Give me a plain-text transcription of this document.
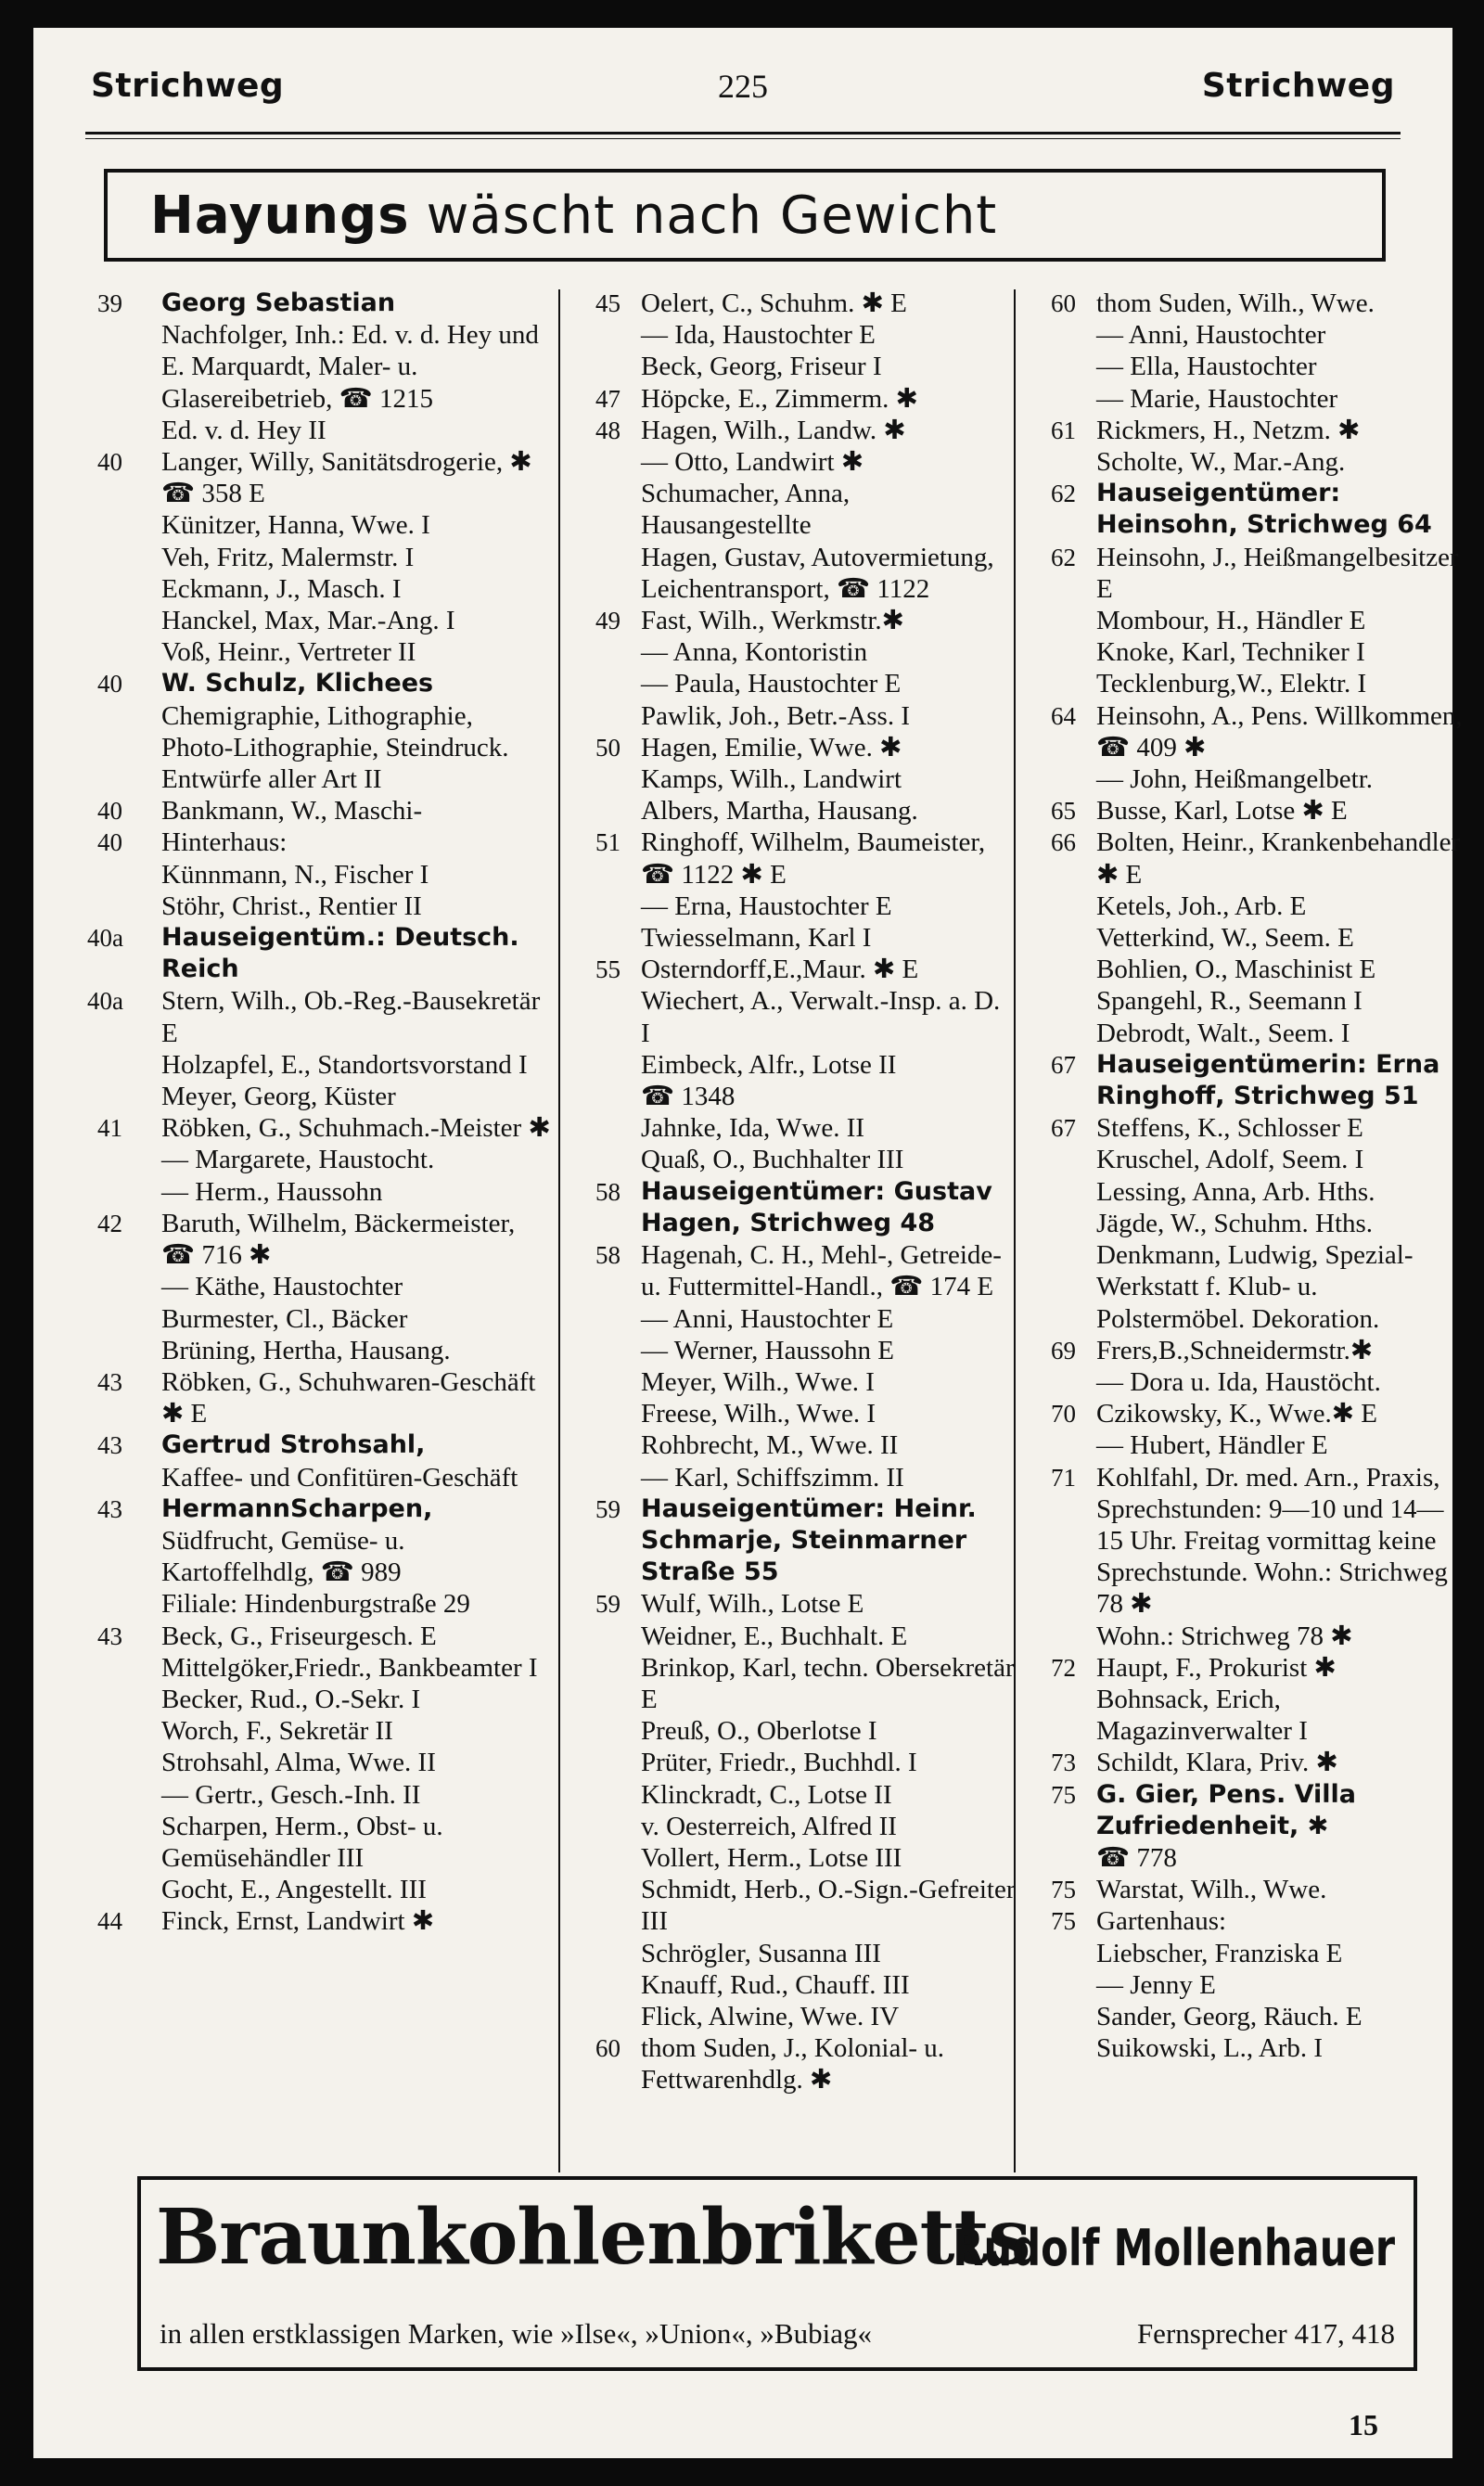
Strichweg	225	Strichweg
Hayungs wäscht nach Gewicht
39	Georg Sebastian
Nachfolger, Inh.: Ed. v. d. Hey und E. Marquardt, Maler- u. Glasereibetrieb, ☎ 1215
Ed. v. d. Hey II
40	Langer, Willy, Sanitätsdrogerie, ✱ ☎ 358 E
Künitzer, Hanna, Wwe. I
Veh, Fritz, Malermstr. I
Eckmann, J., Masch. I
Hanckel, Max, Mar.-Ang. I
Voß, Heinr., Vertreter II
40	W. Schulz, Klichees
Chemigraphie, Lithographie, Photo-Lithographie, Steindruck. Entwürfe aller Art II
40	Bankmann, W., Maschi-
40	Hinterhaus:
Künnmann, N., Fischer I
Stöhr, Christ., Rentier II
40a	Hauseigentüm.: Deutsch. Reich
40a	Stern, Wilh., Ob.-Reg.-Bausekretär E
Holzapfel, E., Standortsvorstand I
Meyer, Georg, Küster
41	Röbken, G., Schuhmach.-Meister ✱
— Margarete, Haustocht.
— Herm., Haussohn
42	Baruth, Wilhelm, Bäckermeister, ☎ 716 ✱
— Käthe, Haustochter
Burmester, Cl., Bäcker
Brüning, Hertha, Hausang.
43	Röbken, G., Schuhwaren-Geschäft ✱ E
43	Gertrud Strohsahl,
Kaffee- und Confitüren-Geschäft
43	HermannScharpen,
Südfrucht, Gemüse- u. Kartoffelhdlg, ☎ 989
Filiale: Hindenburgstraße 29
43	Beck, G., Friseurgesch. E
Mittelgöker,Friedr., Bankbeamter I
Becker, Rud., O.-Sekr. I
Worch, F., Sekretär II
Strohsahl, Alma, Wwe. II
— Gertr., Gesch.-Inh. II
Scharpen, Herm., Obst- u. Gemüsehändler III
Gocht, E., Angestellt. III
44	Finck, Ernst, Landwirt ✱
45 Oelert, C., Schuhm. ✱ E
— Ida, Haustochter E
Beck, Georg, Friseur I
47 Höpcke, E., Zimmerm. ✱
48 Hagen, Wilh., Landw. ✱
— Otto, Landwirt ✱
Schumacher, Anna, Hausangestellte
Hagen, Gustav, Autovermietung, Leichentransport, ☎ 1122
49 Fast, Wilh., Werkmstr.✱
— Anna, Kontoristin
— Paula, Haustochter E
Pawlik, Joh., Betr.-Ass. I
50 Hagen, Emilie, Wwe. ✱
Kamps, Wilh., Landwirt
Albers, Martha, Hausang.
51 Ringhoff, Wilhelm, Baumeister, ☎ 1122 ✱ E
— Erna, Haustochter E
Twiesselmann, Karl I
55 Osterndorff,E.,Maur. ✱ E
Wiechert, A., Verwalt.-Insp. a. D. I
Eimbeck, Alfr., Lotse II
☎ 1348
Jahnke, Ida, Wwe. II
Quaß, O., Buchhalter III
58 Hauseigentümer: Gustav Hagen, Strichweg 48
58 Hagenah, C. H., Mehl-, Getreide- u. Futtermittel-Handl., ☎ 174 E
— Anni, Haustochter E
— Werner, Haussohn E
Meyer, Wilh., Wwe. I
Freese, Wilh., Wwe. I
Rohbrecht, M., Wwe. II
— Karl, Schiffszimm. II
59 Hauseigentümer: Heinr. Schmarje, Steinmarner Straße 55
59 Wulf, Wilh., Lotse E
Weidner, E., Buchhalt. E
Brinkop, Karl, techn. Obersekretär E
Preuß, O., Oberlotse I
Prüter, Friedr., Buchhdl. I
Klinckradt, C., Lotse II
v. Oesterreich, Alfred II
Vollert, Herm., Lotse III
Schmidt, Herb., O.-Sign.-Gefreiter III
Schrögler, Susanna III
Knauff, Rud., Chauff. III
Flick, Alwine, Wwe. IV
60 thom Suden, J., Kolonial- u. Fettwarenhdlg. ✱
60 thom Suden, Wilh., Wwe.
— Anni, Haustochter
— Ella, Haustochter
— Marie, Haustochter
61 Rickmers, H., Netzm. ✱
Scholte, W., Mar.-Ang.
62 Hauseigentümer: Heinsohn, Strichweg 64
62 Heinsohn, J., Heißmangelbesitzer E
Mombour, H., Händler E
Knoke, Karl, Techniker I
Tecklenburg,W., Elektr. I
64 Heinsohn, A., Pens. Willkommen, ☎ 409 ✱
— John, Heißmangelbetr.
65 Busse, Karl, Lotse ✱ E
66 Bolten, Heinr., Krankenbehandler ✱ E
Ketels, Joh., Arb. E
Vetterkind, W., Seem. E
Bohlien, O., Maschinist E
Spangehl, R., Seemann I
Debrodt, Walt., Seem. I
67 Hauseigentümerin: Erna Ringhoff, Strichweg 51
67 Steffens, K., Schlosser E
Kruschel, Adolf, Seem. I
Lessing, Anna, Arb. Hths.
Jägde, W., Schuhm. Hths.
Denkmann, Ludwig, Spezial-Werkstatt f. Klub- u. Polstermöbel. Dekoration.
69 Frers,B.,Schneidermstr.✱
— Dora u. Ida, Haustöcht.
70 Czikowsky, K., Wwe.✱ E
— Hubert, Händler E
71 Kohlfahl, Dr. med. Arn., Praxis, Sprechstunden: 9—10 und 14—15 Uhr. Freitag vormittag keine Sprechstunde. Wohn.: Strichweg 78 ✱
Wohn.: Strichweg 78 ✱
72 Haupt, F., Prokurist ✱
Bohnsack, Erich, Magazinverwalter I
73 Schildt, Klara, Priv. ✱
75 G. Gier, Pens. Villa Zufriedenheit, ✱
☎ 778
75 Warstat, Wilh., Wwe.
75 Gartenhaus:
Liebscher, Franziska E
— Jenny E
Sander, Georg, Räuch. E
Suikowski, L., Arb. I
Braunkohlenbriketts
Rudolf Mollenhauer
in allen erstklassigen Marken, wie »Ilse«, »Union«, »Bubiag«	Fernsprecher 417, 418
15
